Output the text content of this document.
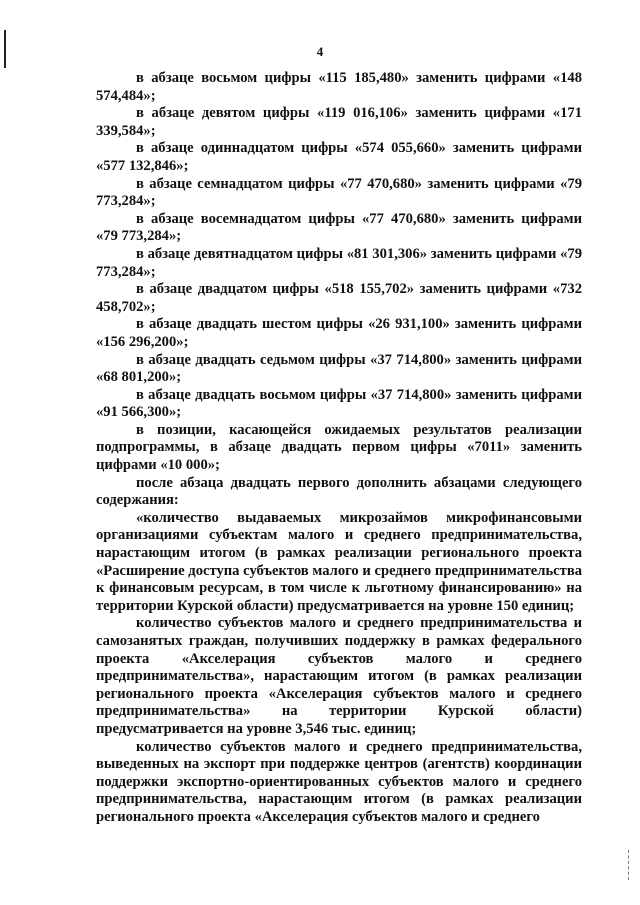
4

в абзаце восьмом цифры «115 185,480» заменить цифрами «148 574,484»;

в абзаце девятом цифры «119 016,106» заменить цифрами «171 339,584»;

в абзаце одиннадцатом цифры «574 055,660» заменить цифрами «577 132,846»;

в абзаце семнадцатом цифры «77 470,680» заменить цифрами «79 773,284»;

в абзаце восемнадцатом цифры «77 470,680» заменить цифрами «79 773,284»;

в абзаце девятнадцатом цифры «81 301,306» заменить цифрами «79 773,284»;

в абзаце двадцатом цифры «518 155,702» заменить цифрами «732 458,702»;

в абзаце двадцать шестом цифры «26 931,100» заменить цифрами «156 296,200»;

в абзаце двадцать седьмом цифры «37 714,800» заменить цифрами «68 801,200»;

в абзаце двадцать восьмом цифры «37 714,800» заменить цифрами «91 566,300»;

в позиции, касающейся ожидаемых результатов реализации подпрограммы, в абзаце двадцать первом цифры «7011» заменить цифрами «10 000»;

после абзаца двадцать первого дополнить абзацами следующего содержания:

«количество выдаваемых микрозаймов микрофинансовыми организациями субъектам малого и среднего предпринимательства, нарастающим итогом (в рамках реализации регионального проекта «Расширение доступа субъектов малого и среднего предпринимательства к финансовым ресурсам, в том числе к льготному финансированию» на территории Курской области) предусматривается на уровне 150 единиц;

количество субъектов малого и среднего предпринимательства и самозанятых граждан, получивших поддержку в рамках федерального проекта «Акселерация субъектов малого и среднего предпринимательства», нарастающим итогом (в рамках реализации регионального проекта «Акселерация субъектов малого и среднего предпринимательства» на территории Курской области) предусматривается на уровне 3,546 тыс. единиц;

количество субъектов малого и среднего предпринимательства, выведенных на экспорт при поддержке центров (агентств) координации поддержки экспортно-ориентированных субъектов малого и среднего предпринимательства, нарастающим итогом (в рамках реализации регионального проекта «Акселерация субъектов малого и среднего
